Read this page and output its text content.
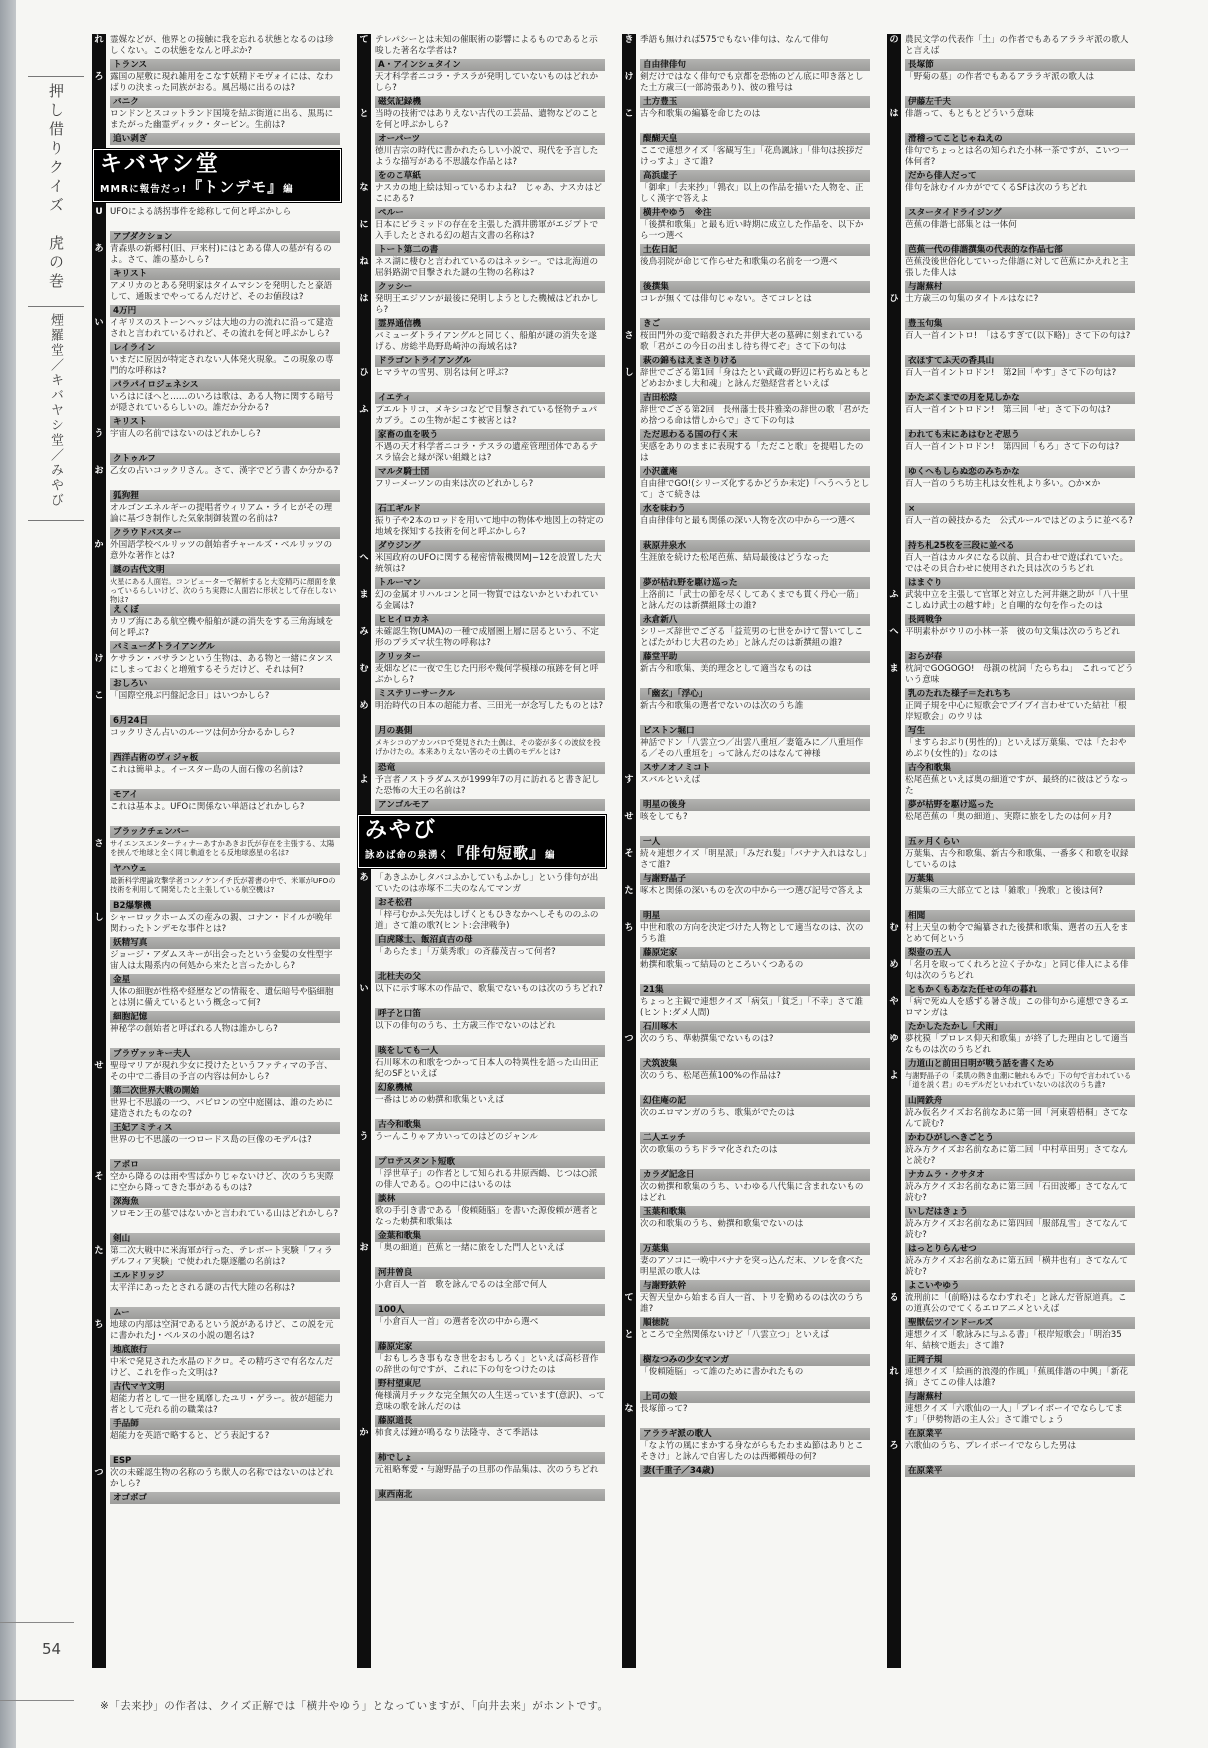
押し借りクイズ　虎の巻
煙羅堂／キバヤシ堂／みやび
54
れ 霊媒などが、他界との接触に我を忘れる状態となるのは珍しくない。この状態をなんと呼ぶか?
トランス
ろ 露国の屋敷に現れ雑用をこなす妖精ドモヴォイには、なわばりの決まった同族がおる。風呂場に出るのは?
バニク
ロンドンとスコットランド国境を結ぶ街道に出る、黒馬にまたがった幽霊ディック・ターピン。生前は?
追い剥ぎ
キバヤシ堂
MMRに報告だっ!『トンデモ』編
U UFOによる誘拐事件を総称して何と呼ぶかしら
アブダクション
あ 青森県の新郷村(旧、戸来村)にはとある偉人の墓が有るのよ。さて、誰の墓かしら?
キリスト
アメリカのとある発明家はタイムマシンを発明したと豪語して、通販までやってるんだけど、そのお値段は?
4万円
い イギリスのストーンヘッジは大地の力の流れに沿って建造されと言われているけれど、その流れを何と呼ぶかしら?
レイライン
いまだに原因が特定されない人体発火現象。この現象の専門的な呼称は?
パラパイロジェネシス
いろはにほへと……のいろは歌は、ある人物に関する暗号が隠されているらしいの。誰だか分かる?
キリスト
う 宇宙人の名前ではないのはどれかしら?
クトゥルフ
お 乙女の占いコックリさん。さて、漢字でどう書くか分かる?
狐狗狸
オルゴンエネルギーの提唱者ウィリアム・ライヒがその理論に基づき制作した気象制御装置の名前は?
クラウドバスター
か 外国語学校ベルリッツの創始者チャールズ・ベルリッツの意外な著作とは?
謎の古代文明
火星にある人面岩。コンピューターで解析すると大変精巧に顔面を象っているらしいけど、次のうち実際に人面岩に形状として存在しない物は?
えくぼ
カリブ海にある航空機や船舶が謎の消失をする三角海域を何と呼ぶ?
バミューダトライアングル
け ケサラン・バサランという生物は、ある物と一緒にタンスにしまっておくと増殖するそうだけど、それは何?
おしろい
こ 「国際空飛ぶ円盤記念日」はいつかしら?
6月24日
コックリさん占いのルーツは何か分かるかしら?
西洋占術のヴィジャ板
これは簡単よ。イースター島の人面石像の名前は?
モアイ
これは基本よ。UFOに関係ない単語はどれかしら?
ブラックチェンバー
さ サイエンスエンターティナーあすかあきお氏が存在を主張する、太陽を挟んで地球と全く同じ軌道をとる反地球惑星の名は?
ヤハウェ
最新科学理論攻撃学者コンノケンイチ氏が著書の中で、米軍がUFOの技術を利用して開発したと主張している航空機は?
B2爆撃機
し シャーロックホームズの産みの親、コナン・ドイルが晩年関わったトンデモな事件とは?
妖精写真
ジョージ・アダムスキーが出会ったという金髪の女性型宇宙人は太陽系内の何処から来たと言ったかしら?
金星
人体の細胞が性格や経歴などの情報を、遺伝暗号や脳細胞とは別に備えているという概念って何?
細胞記憶
神秘学の創始者と呼ばれる人物は誰かしら?
ブラヴァッキー夫人
せ 聖母マリアが現れ少女に授けたというファティマの予言、その中で二番目の予言の内容は何かしら?
第二次世界大戦の開始
世界七不思議の一つ、バビロンの空中庭園は、誰のために建造されたものなの?
王妃アミティス
世界の七不思議の一つロードス島の巨像のモデルは?
アポロ
そ 空から降るのは雨や雪ばかりじゃないけど、次のうち実際に空から降ってきた事があるものは?
深海魚
ソロモン王の墓ではないかと言われている山はどれかしら?
剣山
た 第二次大戦中に米海軍が行った、テレポート実験「フィラデルフィア実験」で使われた駆逐艦の名前は?
エルドリッジ
太平洋にあったとされる謎の古代大陸の名称は?
ムー
ち 地球の内部は空洞であるという説があるけど、この説を元に書かれたJ・ベルヌの小説の題名は?
地底旅行
中米で発見された水晶のドクロ。その精巧さで有名なんだけど、これを作った文明は?
古代マヤ文明
超能力者として一世を風靡したユリ・ゲラー。彼が超能力者として売れる前の職業は?
手品師
超能力を英語で略すると、どう表記する?
ESP
つ 次の未確認生物の名称のうち獣人の名称ではないのはどれかしら?
オゴボゴ
て テレパシーとは未知の催眠術の影響によるものであると示唆した著名な学者は?
A・アインシュタイン
天才科学者ニコラ・テスラが発明していないものはどれかしら?
磁気記録機
と 当時の技術ではありえない古代の工芸品、遺物などのことを何と呼ぶかしら?
オーパーツ
徳川吉宗の時代に書かれたらしい小説で、現代を予言したような描写がある不思議な作品とは?
をのこ草紙
な ナスカの地上絵は知っているわよね?　じゃあ、ナスカはどこにある?
ペルー
に 日本にピラミッドの存在を主張した酒井勝軍がエジプトで入手したとされる幻の超古文書の名称は?
トート第二の書
ね ネス湖に棲むと言われているのはネッシー。では北海道の屈斜路湖で目撃された謎の生物の名称は?
クッシー
は 発明王エジソンが最後に発明しようとした機械はどれかしら?
霊界通信機
バミューダトライアングルと同じく、船舶が謎の消失を遂げる、房総半島野島崎沖の海域名は?
ドラゴントライアングル
ひ ヒマラヤの雪男、別名は何と呼ぶ?
イエティ
ふ プエルトリコ、メキシコなどで目撃されている怪物チュパカブラ。この生物が起こす被害とは?
家畜の血を吸う
不遇の天才科学者ニコラ・テスラの遺産管理団体であるテスラ協会と縁が深い組織とは?
マルタ騎士団
フリーメーソンの由来は次のどれかしら?
石工ギルド
振り子や2本のロッドを用いて地中の物体や地図上の特定の地域を探知する技術を何と呼ぶかしら?
ダウジング
へ 米国政府のUFOに関する秘密情報機関MJ−12を設置した大統領は?
トルーマン
ま 幻の金属オリハルコンと同一物質ではないかといわれている金属は?
ヒヒイロカネ
み 未確認生物(UMA)の一種で成層圏上層に居るという、不定形のプラズマ状生物の呼称は?
クリッター
む 麦畑などに一夜で生じた円形や幾何学模様の痕跡を何と呼ぶかしら?
ミステリーサークル
め 明治時代の日本の超能力者、三田光一が念写したものとは?
月の裏側
メキシコのアカンバロで発見された土偶は、その姿が多くの波紋を投げかけたの。本来ありえない筈のその土偶のモデルとは?
恐竜
よ 予言者ノストラダムスが1999年7の月に訪れると書き記した恐怖の大王の名前は?
アンゴルモア
みやび
詠めば命の泉湧く『俳句短歌』編
あ 「あきふかしタバコふかしていもふかし」という俳句が出ていたのは赤塚不二夫のなんてマンガ
おそ松君
「梓弓むかふ矢先はしげくともひきなかへしそもののふの道」さて誰の歌?(ヒント:会津戦争)
白虎隊士、飯沼貞吉の母
「あらたま」「万葉秀歌」の斉藤茂吉って何者?
北杜夫の父
い 以下に示す啄木の作品で、歌集でないものは次のうちどれ?
呼子と口笛
以下の俳句のうち、土方歳三作でないのはどれ
咳をしても一人
石川啄木の和歌をつかって日本人の特異性を語った山田正紀のSFといえば
幻象機械
一番はじめの勅撰和歌集といえば
古今和歌集
う うーんこりゃアカいってのはどのジャンル
プロテスタント短歌
「浮世草子」の作者として知られる井原西鶴、じつは○派の俳人である。○の中にはいるのは
談林
歌の手引き書である「俊頼随脳」を書いた源俊頼が選者となった勅撰和歌集は
金葉和歌集
お 「奥の細道」芭蕉と一緒に旅をした門人といえば
河井曾良
小倉百人一首　歌を詠んでるのは全部で何人
100人
「小倉百人一首」の選者を次の中から選べ
藤原定家
「おもしろき事もなき世をおもしろく」といえば高杉晋作の辞世の句ですが、これに下の句をつけたのは
野村望東尼
俺様満月チックな完全無欠の人生送っています(意訳)、って意味の歌を詠んだのは
藤原道長
か 柿食えば鐘が鳴るなり法隆寺、さて季語は
柿でしょ
元祖略奪愛・与謝野晶子の旦那の作品集は、次のうちどれ
東西南北
き 季語も無ければ575でもない俳句は、なんて俳句
自由律俳句
け 剣だけではなく俳句でも京都を恐怖のどん底に叩き落とした土方歳三(一部誇張あり)、彼の雅号は
土方豊玉
こ 古今和歌集の編纂を命じたのは
醍醐天皇
ここで連想クイズ「客観写生」「花鳥諷詠」「俳句は挨拶だけっすよ」さて誰?
高浜虚子
「御傘」「去来抄」「鶉衣」以上の作品を描いた人物を、正しく漢字で答えよ
横井やゆう　※注
「後撰和歌集」と最も近い時期に成立した作品を、以下から一つ選べ
土佐日記
後鳥羽院が命じて作らせた和歌集の名前を一つ選べ
後撰集
コレが無くては俳句じゃない。さてコレとは
きご
さ 桜田門外の変で暗殺された井伊大老の墓碑に刻まれている歌「君がこの今日の出まし待ち得てぞ」さて下の句は
萩の錦もはえまさりける
し 辞世でござる第1回「身はたとい武蔵の野辺に朽ちぬともとどめおかまし大和魂」と詠んだ塾経営者といえば
吉田松陰
辞世でござる第2回　長州藩士長井雅楽の辞世の歌「君がため捨つる命は惜しからで」さて下の句は
ただ思わるる国の行く末
実感をありのままに表現する「ただこと歌」を提唱したのは
小沢蘆庵
自由律でGO!(シリーズ化するかどうか未定)「へうへうとして」さて続きは
水を味わう
自由律俳句と最も関係の深い人物を次の中から一つ選べ
萩原井泉水
生涯旅を続けた松尾芭蕉、結局最後はどうなった
夢が枯れ野を駆け巡った
上洛前に「武士の節を尽くしてあくまでも貫く丹心一筋」と詠んだのは新撰組隊士の誰?
永倉新八
シリーズ辞世でござる「益荒男の七世をかけて誓いてしことばたがわじ大君のため」と詠んだのは新撰組の誰?
藤堂平助
新古今和歌集、美的理念として適当なものは
「幽玄」「浮心」
新古今和歌集の選者でないのは次のうち誰
ピストン堀口
神話でドン「八雲立つ／出雲八重垣／妻篭みに／八重垣作る／その八重垣を」って詠んだのはなんて神様
スサノオノミコト
す スバルといえば
明星の後身
せ 咳をしても?
一人
そ 続々連想クイズ「明星派」「みだれ髪」「バナナ入れはなし」さて誰?
与謝野晶子
た 啄木と関係の深いものを次の中から一つ選び記号で答えよ
明星
ち 中世和歌の方向を決定づけた人物として適当なのは、次のうち誰
藤原定家
勅撰和歌集って結局のところいくつあるの
21集
ちょっと主観で連想クイズ「病気」「貧乏」「不幸」さて誰(ヒント:ダメ人間)
石川啄木
つ 次のうち、準勅撰集でないものは?
犬筑波集
次のうち、松尾芭蕉100%の作品は?
幻住庵の記
次のエロマンガのうち、歌集がでたのは
二人エッチ
次の歌集のうちドラマ化されたのは
カラダ記念日
次の勅撰和歌集のうち、いわゆる八代集に含まれないものはどれ
玉葉和歌集
次の和歌集のうち、勅撰和歌集でないのは
万葉集
妻のアソコに一晩中バナナを突っ込んだ末、ソレを食べた明星派の歌人は
与謝野鉄幹
て 天智天皇から始まる百人一首、トリを勤めるのは次のうち誰?
順徳院
と ところで全然関係ないけど「八雲立つ」といえば
樹なつみの少女マンガ
「俊頼随脳」って誰のために書かれたもの
上司の娘
な 長塚節って?
アララギ派の歌人
「なよ竹の風にまかする身ながらもたわまぬ節はありとこそきけ」と詠んで自害したのは西郷頼母の何?
妻(千重子／34歳)
の 農民文学の代表作「土」の作者でもあるアララギ派の歌人と言えば
長塚節
「野菊の墓」の作者でもあるアララギ派の歌人は
伊藤左千夫
は 俳諧って、もともとどういう意味
滑稽ってことじゃねえの
俳句でちょっとは名の知られた小林一茶ですが、こいつ一体何者?
だから俳人だって
俳句を詠むイルカがでてくるSFは次のうちどれ
スタータイドライジング
芭蕉の俳諧七部集とは一体何
芭蕉一代の俳諧撰集の代表的な作品七部
芭蕉没後世俗化していった俳諧に対して芭蕉にかえれと主張した俳人は
与謝蕪村
ひ 土方歳三の句集のタイトルはなに?
豊玉句集
百人一首イントロ!　「はるすぎて(以下略)」さて下の句は?
衣ほすてふ天の香具山
百人一首イントロドン!　第2回「やす」さて下の句は?
かたぶくまでの月を見しかな
百人一首イントロドン!　第三回「せ」さて下の句は?
われても末にあはむとぞ思う
百人一首イントロドン!　第四回「もろ」さて下の句は?
ゆくへもしらぬ恋のみちかな
百人一首のうち坊主札は女性札より多い。○か×か
×
百人一首の競技かるた　公式ルールではどのように並べる?
持ち札25枚を三段に並べる
百人一首はカルタになる以前、貝合わせで遊ばれていた。ではその貝合わせに使用された貝は次のうちどれ
はまぐり
ふ 武装中立を主張して官軍と対立した河井継之助が「八十里こしぬけ武士の越す峠」と自嘲的な句を作ったのは
長岡戦争
へ 平明素朴がウリの小林一茶　彼の句文集は次のうちどれ
おらが春
ま 枕詞でGOGOGO!　母親の枕詞「たらちね」　これってどういう意味
乳のたれた様子＝たれちち
正岡子規を中心に短歌会でブイブイ言わせていた結社「根岸短歌会」のウリは
写生
「ますらおぶり(男性的)」といえば万葉集、では「たおやめぶり(女性的)」なのは
古今和歌集
松尾芭蕉といえば奥の細道ですが、最終的に彼はどうなった
夢が枯野を駆け巡った
松尾芭蕉の「奥の細道」、実際に旅をしたのは何ヶ月?
五ヶ月くらい
万葉集、古今和歌集、新古今和歌集、一番多く和歌を収録しているのは
万葉集
万葉集の三大部立てとは「雑歌」「挽歌」と後は何?
相聞
む 村上天皇の勅令で編纂された後撰和歌集、選者の五人をまとめて何という
梨壺の五人
め 「名月を取ってくれろと泣く子かな」と同じ俳人による俳句は次のうちどれ
ともかくもあなた任せの年の暮れ
や 「病で死ぬ人を感ずる暑さ哉」この俳句から連想できるエロマンガは
たかしたたかし「犬雨」
ゆ 夢枕獏「プロレス仰天和歌集」が終了した理由として適当なものは次のうちどれ
力道山と前田日明が戦う話を書くため
よ 与謝野晶子の「柔肌の熱き血潮に触れもみで」下の句で言われている「道を説く君」のモデルだといわれていないのは次のうち誰?
山岡鉄舟
読み仮名クイズお名前なあに第一回「河東碧梧桐」さてなんて読む?
かわひがしへきごとう
読み方クイズお名前なあに第二回「中村草田男」さてなんと読む?
ナカムラ・クサタオ
読み方クイズお名前なあに第三回「石田波郷」さてなんて読む?
いしだはきょう
読み方クイズお名前なあに第四回「服部乱雪」さてなんて読む?
はっとりらんせつ
読み方クイズお名前なあに第五回「横井也有」さてなんて読む?
よこいやゆう
る 流刑前に「(前略)はるなわすれそ」と詠んだ菅原道真。この道真公のでてくるエロアニメといえば
聖獣伝ツインドールズ
連想クイズ「歌詠みに与ふる書」「根岸短歌会」「明治35年、結核で逝去」さて誰?
正岡子規
れ 連想クイズ「絵画的浪漫的作風」「蕉風俳諧の中興」「新花摘」さてこの俳人は誰?
与謝蕪村
連想クイズ「六歌仙の一人」「プレイボーイでならしてます」「伊勢物語の主人公」さて誰でしょう
在原業平
ろ 六歌仙のうち、プレイボーイでならした男は
在原業平
※「去来抄」の作者は、クイズ正解では「横井やゆう」となっていますが、「向井去来」がホントです。
